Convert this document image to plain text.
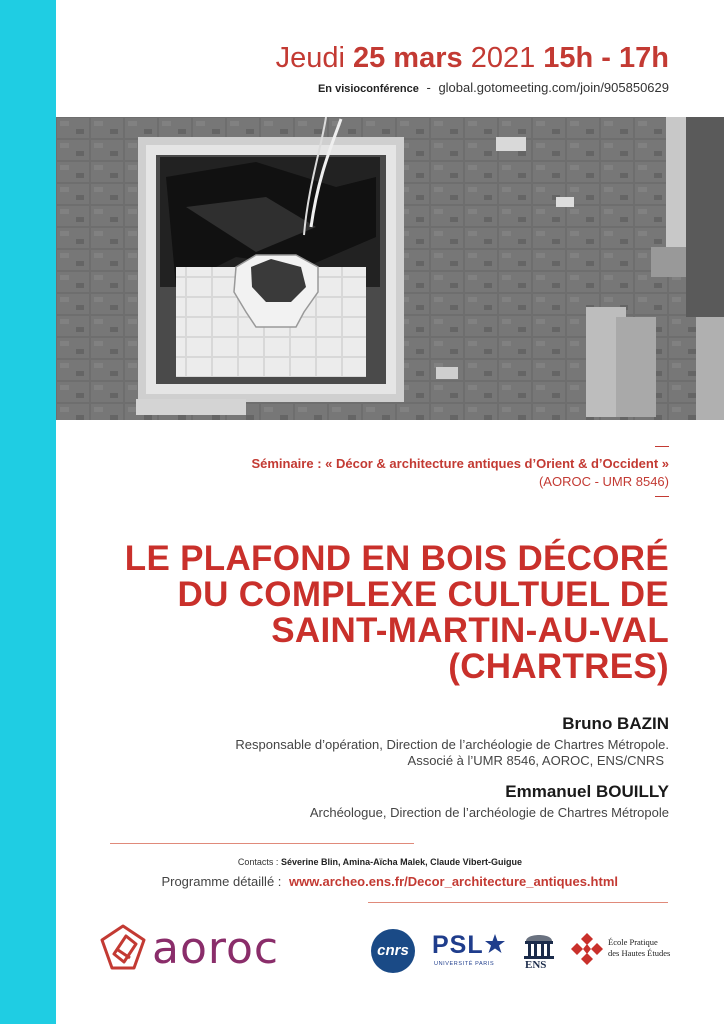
Jeudi 25 mars 2021 15h - 17h
En visioconférence - global.gotomeeting.com/join/905850629
Séminaire : « Décor & architecture antiques d’Orient & d’Occident »
(AOROC - UMR 8546)
LE PLAFOND EN BOIS DÉCORÉ
DU COMPLEXE CULTUEL DE
SAINT-MARTIN-AU-VAL
(CHARTRES)
Bruno BAZIN
Responsable d’opération, Direction de l’archéologie de Chartres Métropole.
Associé à l’UMR 8546, AOROC, ENS/CNRS
Emmanuel BOUILLY
Archéologue, Direction de l’archéologie de Chartres Métropole
Contacts : Séverine Blin, Amina-Aïcha Malek, Claude Vibert-Guigue
Programme détaillé : www.archeo.ens.fr/Decor_architecture_antiques.html
aoroc	cnrs PSL
UNIVERSITÉ PARIS	ENS
École Pratique
des Hautes Études
